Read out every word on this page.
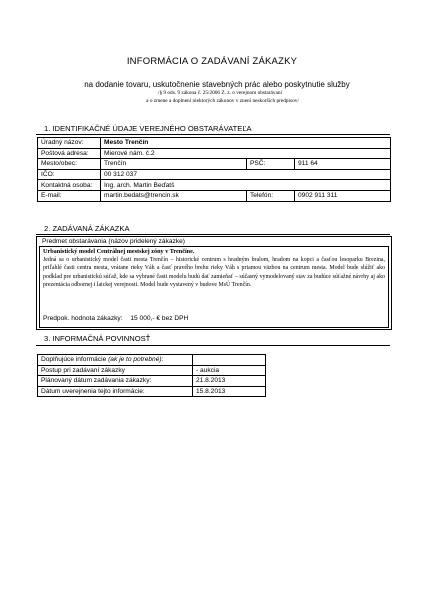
INFORMÁCIA O ZADÁVANÍ ZÁKAZKY
na dodanie tovaru, uskutočnenie stavebných prác alebo poskytnutie služby
/§ 9 ods. 9 zákona č. 25/2006 Z. z. o verejnom obstarávaní
a o zmene a doplnení niektorých zákonov v znení neskorších predpisov/
1. IDENTIFIKAČNÉ ÚDAJE VEREJNÉHO OBSTARÁVATEĽA
Úradný názov:	Mesto Trenčín		
Poštová adresa:	Mierové nám. č.2		
Mesto/obec:	Trenčín	PSČ:	911 64
IČO:	00 312 037		
Kontaktná osoba:	Ing. arch. Martin Beďatš		
E-mail:	martin.bedats@trencin.sk	Telefón:	0902 911 311
2. ZADÁVANÁ ZÁKAZKA
Predmet obstarávania (názov pridelený zákazke)
Urbanistický model Centrálnej mestskej zóny v Trenčíne.
Jedná sa o urbanistický model časti mesta Trenčín – historické centrum s hradným bralom, hradom na kopci a časťou lesoparku Brezina, priľahlé časti centra mesta, vrátane rieky Váh a časť pravého brehu rieky Váh s priamou väzbou na centrum mesta. Model bude slúžiť ako podklad pre urbanistickú súťaž, kde sa vybrané časti modelu budú dať zamieňať – súčasný vymodelovaný stav za budúce súťažné návrhy aj ako prezentácia odbornej i laickej verejnosti. Model bude vystavený v budove MsÚ Trenčín.
Predpok. hodnota zákazky: 15 000,- € bez DPH
3. INFORMAČNÁ POVINNOSŤ
Doplňujúce informácie (ak je to potrebné):	
Postup pri zadávaní zákazky	- aukcia
Plánovaný dátum zadávania zákazky:	21.8.2013
Dátum uverejnenia tejto informácie:	15.8.2013
